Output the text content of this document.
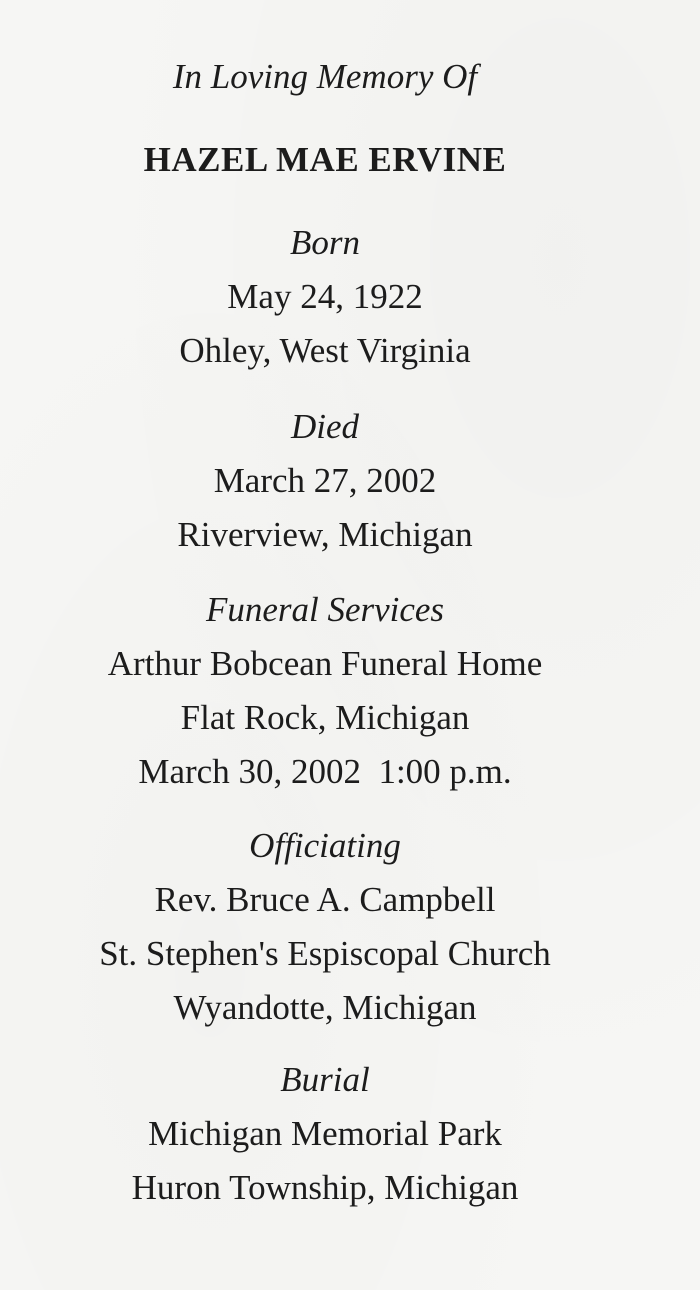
In Loving Memory Of
HAZEL MAE ERVINE
Born
May 24, 1922
Ohley, West Virginia
Died
March 27, 2002
Riverview, Michigan
Funeral Services
Arthur Bobcean Funeral Home
Flat Rock, Michigan
March 30, 2002  1:00 p.m.
Officiating
Rev. Bruce A. Campbell
St. Stephen's Espiscopal Church
Wyandotte, Michigan
Burial
Michigan Memorial Park
Huron Township, Michigan
